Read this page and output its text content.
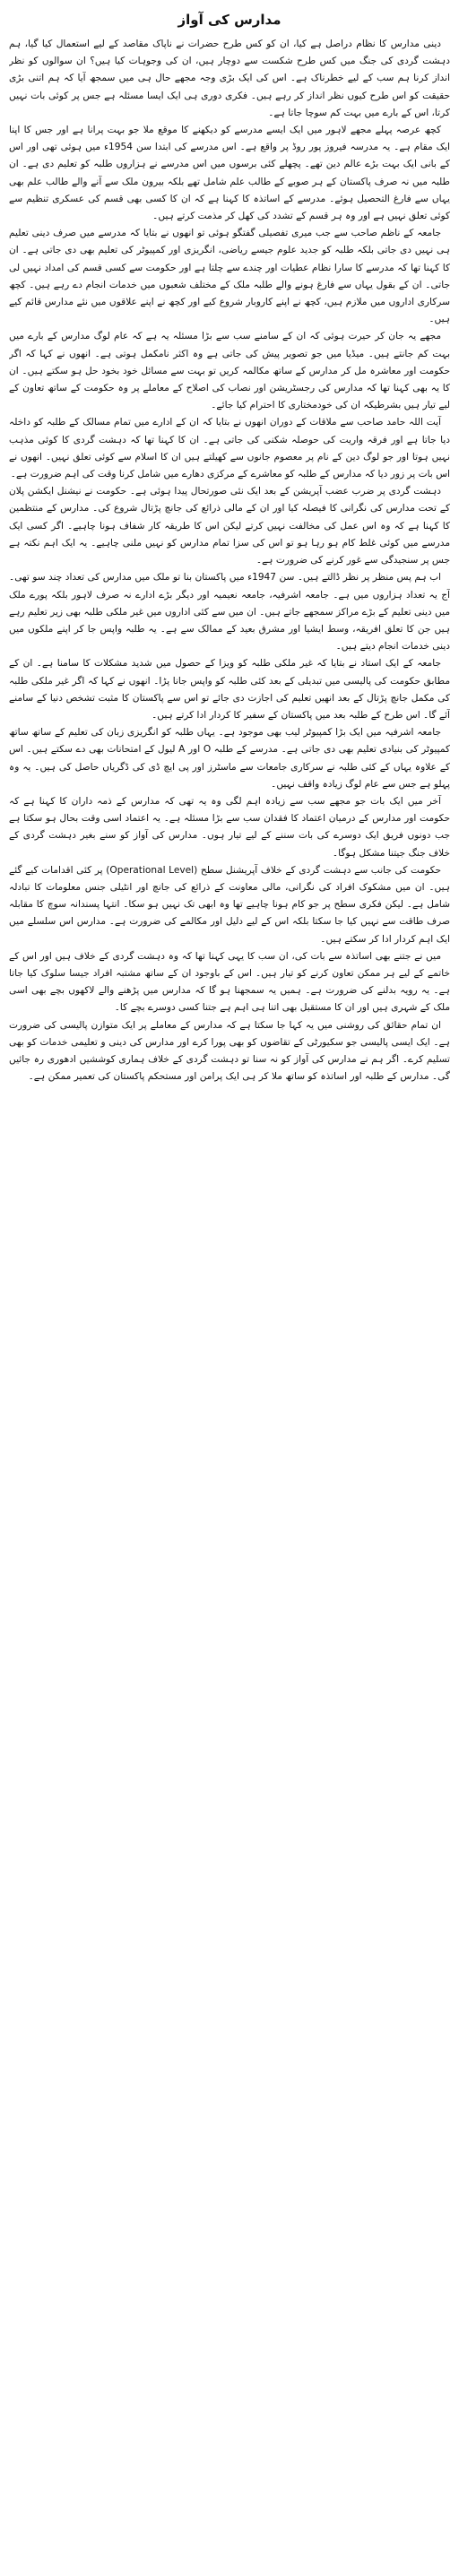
مدارس کی آواز

دینی مدارس کا نظام دراصل ہے کیا، ان کو کس طرح حضرات نے ناپاک مقاصد کے لیے استعمال کیا گیا، ہم دہشت گردی کی جنگ میں کس طرح شکست سے دوچار ہیں، ان کی وجوہات کیا ہیں؟ ان سوالوں کو نظر انداز کرنا ہم سب کے لیے خطرناک ہے۔ اس کی ایک بڑی وجہ مجھے حال ہی میں سمجھ آیا کہ ہم اتنی بڑی حقیقت کو اس طرح کیوں نظر انداز کر رہے ہیں۔ فکری دوری ہی ایک ایسا مسئلہ ہے جس پر کوئی بات نہیں کرتا، اس کے بارے میں بہت کم سوچا جاتا ہے۔

کچھ عرصہ پہلے مجھے لاہور میں ایک ایسے مدرسے کو دیکھنے کا موقع ملا جو بہت پرانا ہے اور جس کا اپنا ایک مقام ہے۔ یہ مدرسہ فیروز پور روڈ پر واقع ہے۔ اس مدرسے کی ابتدا سن 1954ء میں ہوئی تھی اور اس کے بانی ایک بہت بڑے عالم دین تھے۔ پچھلے کئی برسوں میں اس مدرسے نے ہزاروں طلبہ کو تعلیم دی ہے۔ ان طلبہ میں نہ صرف پاکستان کے ہر صوبے کے طالب علم شامل تھے بلکہ بیرون ملک سے آنے والے طالب علم بھی یہاں سے فارغ التحصیل ہوئے۔ مدرسے کے اساتذہ کا کہنا ہے کہ ان کا کسی بھی قسم کی عسکری تنظیم سے کوئی تعلق نہیں ہے اور وہ ہر قسم کے تشدد کی کھل کر مذمت کرتے ہیں۔

جامعہ کے ناظم صاحب سے جب میری تفصیلی گفتگو ہوئی تو انھوں نے بتایا کہ مدرسے میں صرف دینی تعلیم ہی نہیں دی جاتی بلکہ طلبہ کو جدید علوم جیسے ریاضی، انگریزی اور کمپیوٹر کی تعلیم بھی دی جاتی ہے۔ ان کا کہنا تھا کہ مدرسے کا سارا نظام عطیات اور چندے سے چلتا ہے اور حکومت سے کسی قسم کی امداد نہیں لی جاتی۔ ان کے بقول یہاں سے فارغ ہونے والے طلبہ ملک کے مختلف شعبوں میں خدمات انجام دے رہے ہیں۔ کچھ سرکاری اداروں میں ملازم ہیں، کچھ نے اپنے کاروبار شروع کیے اور کچھ نے اپنے علاقوں میں نئے مدارس قائم کیے ہیں۔

مجھے یہ جان کر حیرت ہوئی کہ ان کے سامنے سب سے بڑا مسئلہ یہ ہے کہ عام لوگ مدارس کے بارے میں بہت کم جانتے ہیں۔ میڈیا میں جو تصویر پیش کی جاتی ہے وہ اکثر نامکمل ہوتی ہے۔ انھوں نے کہا کہ اگر حکومت اور معاشرہ مل کر مدارس کے ساتھ مکالمہ کریں تو بہت سے مسائل خود بخود حل ہو سکتے ہیں۔ ان کا یہ بھی کہنا تھا کہ مدارس کی رجسٹریشن اور نصاب کی اصلاح کے معاملے پر وہ حکومت کے ساتھ تعاون کے لیے تیار ہیں بشرطیکہ ان کی خودمختاری کا احترام کیا جائے۔

آیت اللہ حامد صاحب سے ملاقات کے دوران انھوں نے بتایا کہ ان کے ادارے میں تمام مسالک کے طلبہ کو داخلہ دیا جاتا ہے اور فرقہ واریت کی حوصلہ شکنی کی جاتی ہے۔ ان کا کہنا تھا کہ دہشت گردی کا کوئی مذہب نہیں ہوتا اور جو لوگ دین کے نام پر معصوم جانوں سے کھیلتے ہیں ان کا اسلام سے کوئی تعلق نہیں۔ انھوں نے اس بات پر زور دیا کہ مدارس کے طلبہ کو معاشرے کے مرکزی دھارے میں شامل کرنا وقت کی اہم ضرورت ہے۔

دہشت گردی پر ضرب عضب آپریشن کے بعد ایک نئی صورتحال پیدا ہوئی ہے۔ حکومت نے نیشنل ایکشن پلان کے تحت مدارس کی نگرانی کا فیصلہ کیا اور ان کے مالی ذرائع کی جانچ پڑتال شروع کی۔ مدارس کے منتظمین کا کہنا ہے کہ وہ اس عمل کی مخالفت نہیں کرتے لیکن اس کا طریقہ کار شفاف ہونا چاہیے۔ اگر کسی ایک مدرسے میں کوئی غلط کام ہو رہا ہو تو اس کی سزا تمام مدارس کو نہیں ملنی چاہیے۔ یہ ایک اہم نکتہ ہے جس پر سنجیدگی سے غور کرنے کی ضرورت ہے۔

اب ہم پس منظر پر نظر ڈالتے ہیں۔ سن 1947ء میں پاکستان بنا تو ملک میں مدارس کی تعداد چند سو تھی۔ آج یہ تعداد ہزاروں میں ہے۔ جامعہ اشرفیہ، جامعہ نعیمیہ اور دیگر بڑے ادارے نہ صرف لاہور بلکہ پورے ملک میں دینی تعلیم کے بڑے مراکز سمجھے جاتے ہیں۔ ان میں سے کئی اداروں میں غیر ملکی طلبہ بھی زیر تعلیم رہے ہیں جن کا تعلق افریقہ، وسط ایشیا اور مشرق بعید کے ممالک سے ہے۔ یہ طلبہ واپس جا کر اپنے ملکوں میں دینی خدمات انجام دیتے ہیں۔

جامعہ کے ایک استاد نے بتایا کہ غیر ملکی طلبہ کو ویزا کے حصول میں شدید مشکلات کا سامنا ہے۔ ان کے مطابق حکومت کی پالیسی میں تبدیلی کے بعد کئی طلبہ کو واپس جانا پڑا۔ انھوں نے کہا کہ اگر غیر ملکی طلبہ کی مکمل جانچ پڑتال کے بعد انھیں تعلیم کی اجازت دی جائے تو اس سے پاکستان کا مثبت تشخص دنیا کے سامنے آئے گا۔ اس طرح کے طلبہ بعد میں پاکستان کے سفیر کا کردار ادا کرتے ہیں۔

جامعہ اشرفیہ میں ایک بڑا کمپیوٹر لیب بھی موجود ہے۔ یہاں طلبہ کو انگریزی زبان کی تعلیم کے ساتھ ساتھ کمپیوٹر کی بنیادی تعلیم بھی دی جاتی ہے۔ مدرسے کے طلبہ O اور A لیول کے امتحانات بھی دے سکتے ہیں۔ اس کے علاوہ یہاں کے کئی طلبہ نے سرکاری جامعات سے ماسٹرز اور پی ایچ ڈی کی ڈگریاں حاصل کی ہیں۔ یہ وہ پہلو ہے جس سے عام لوگ زیادہ واقف نہیں۔

آخر میں ایک بات جو مجھے سب سے زیادہ اہم لگی وہ یہ تھی کہ مدارس کے ذمہ داران کا کہنا ہے کہ حکومت اور مدارس کے درمیان اعتماد کا فقدان سب سے بڑا مسئلہ ہے۔ یہ اعتماد اسی وقت بحال ہو سکتا ہے جب دونوں فریق ایک دوسرے کی بات سننے کے لیے تیار ہوں۔ مدارس کی آواز کو سنے بغیر دہشت گردی کے خلاف جنگ جیتنا مشکل ہوگا۔

حکومت کی جانب سے دہشت گردی کے خلاف آپریشنل سطح (Operational Level) پر کئی اقدامات کیے گئے ہیں۔ ان میں مشکوک افراد کی نگرانی، مالی معاونت کے ذرائع کی جانچ اور انٹیلی جنس معلومات کا تبادلہ شامل ہے۔ لیکن فکری سطح پر جو کام ہونا چاہیے تھا وہ ابھی تک نہیں ہو سکا۔ انتہا پسندانہ سوچ کا مقابلہ صرف طاقت سے نہیں کیا جا سکتا بلکہ اس کے لیے دلیل اور مکالمے کی ضرورت ہے۔ مدارس اس سلسلے میں ایک اہم کردار ادا کر سکتے ہیں۔

میں نے جتنے بھی اساتذہ سے بات کی، ان سب کا یہی کہنا تھا کہ وہ دہشت گردی کے خلاف ہیں اور اس کے خاتمے کے لیے ہر ممکن تعاون کرنے کو تیار ہیں۔ اس کے باوجود ان کے ساتھ مشتبہ افراد جیسا سلوک کیا جاتا ہے۔ یہ رویہ بدلنے کی ضرورت ہے۔ ہمیں یہ سمجھنا ہو گا کہ مدارس میں پڑھنے والے لاکھوں بچے بھی اسی ملک کے شہری ہیں اور ان کا مستقبل بھی اتنا ہی اہم ہے جتنا کسی دوسرے بچے کا۔

ان تمام حقائق کی روشنی میں یہ کہا جا سکتا ہے کہ مدارس کے معاملے پر ایک متوازن پالیسی کی ضرورت ہے۔ ایک ایسی پالیسی جو سکیورٹی کے تقاضوں کو بھی پورا کرے اور مدارس کی دینی و تعلیمی خدمات کو بھی تسلیم کرے۔ اگر ہم نے مدارس کی آواز کو نہ سنا تو دہشت گردی کے خلاف ہماری کوششیں ادھوری رہ جائیں گی۔ مدارس کے طلبہ اور اساتذہ کو ساتھ ملا کر ہی ایک پرامن اور مستحکم پاکستان کی تعمیر ممکن ہے۔
